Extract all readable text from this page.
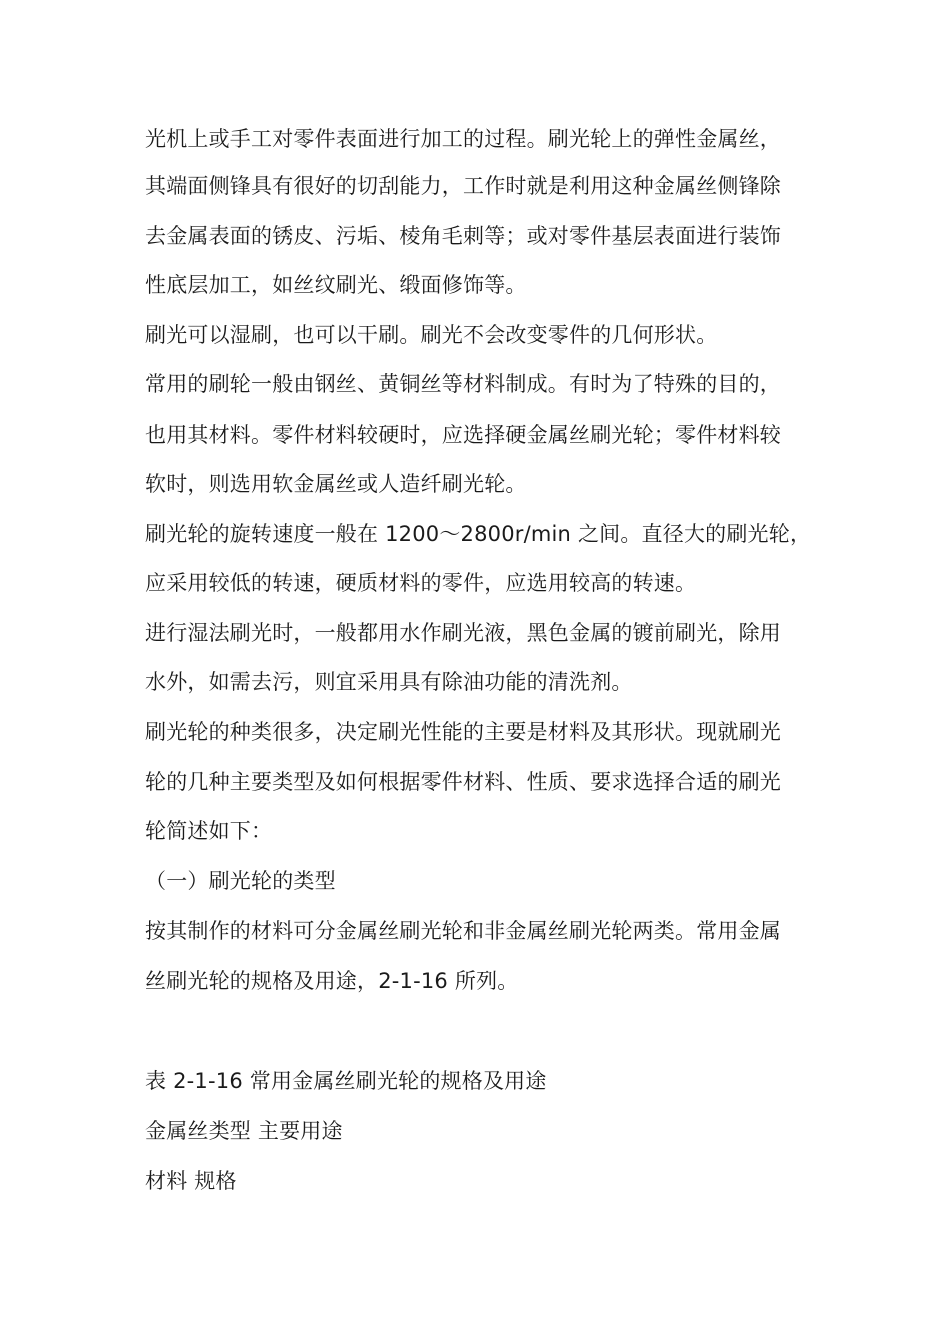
光机上或手工对零件表面进行加工的过程。刷光轮上的弹性金属丝，
其端面侧锋具有很好的切刮能力，工作时就是利用这种金属丝侧锋除
去金属表面的锈皮、污垢、棱角毛刺等；或对零件基层表面进行装饰
性底层加工，如丝纹刷光、缎面修饰等。
刷光可以湿刷，也可以干刷。刷光不会改变零件的几何形状。
常用的刷轮一般由钢丝、黄铜丝等材料制成。有时为了特殊的目的，
也用其材料。零件材料较硬时，应选择硬金属丝刷光轮；零件材料较
软时，则选用软金属丝或人造纤刷光轮。
刷光轮的旋转速度一般在 1200～2800r/min 之间。直径大的刷光轮，
应采用较低的转速，硬质材料的零件，应选用较高的转速。
进行湿法刷光时，一般都用水作刷光液，黑色金属的镀前刷光，除用
水外，如需去污，则宜采用具有除油功能的清洗剂。
刷光轮的种类很多，决定刷光性能的主要是材料及其形状。现就刷光
轮的几种主要类型及如何根据零件材料、性质、要求选择合适的刷光
轮简述如下：
（一）刷光轮的类型
按其制作的材料可分金属丝刷光轮和非金属丝刷光轮两类。常用金属
丝刷光轮的规格及用途，2-1-16 所列。
表 2-1-16 常用金属丝刷光轮的规格及用途
金属丝类型 主要用途
材料 规格
